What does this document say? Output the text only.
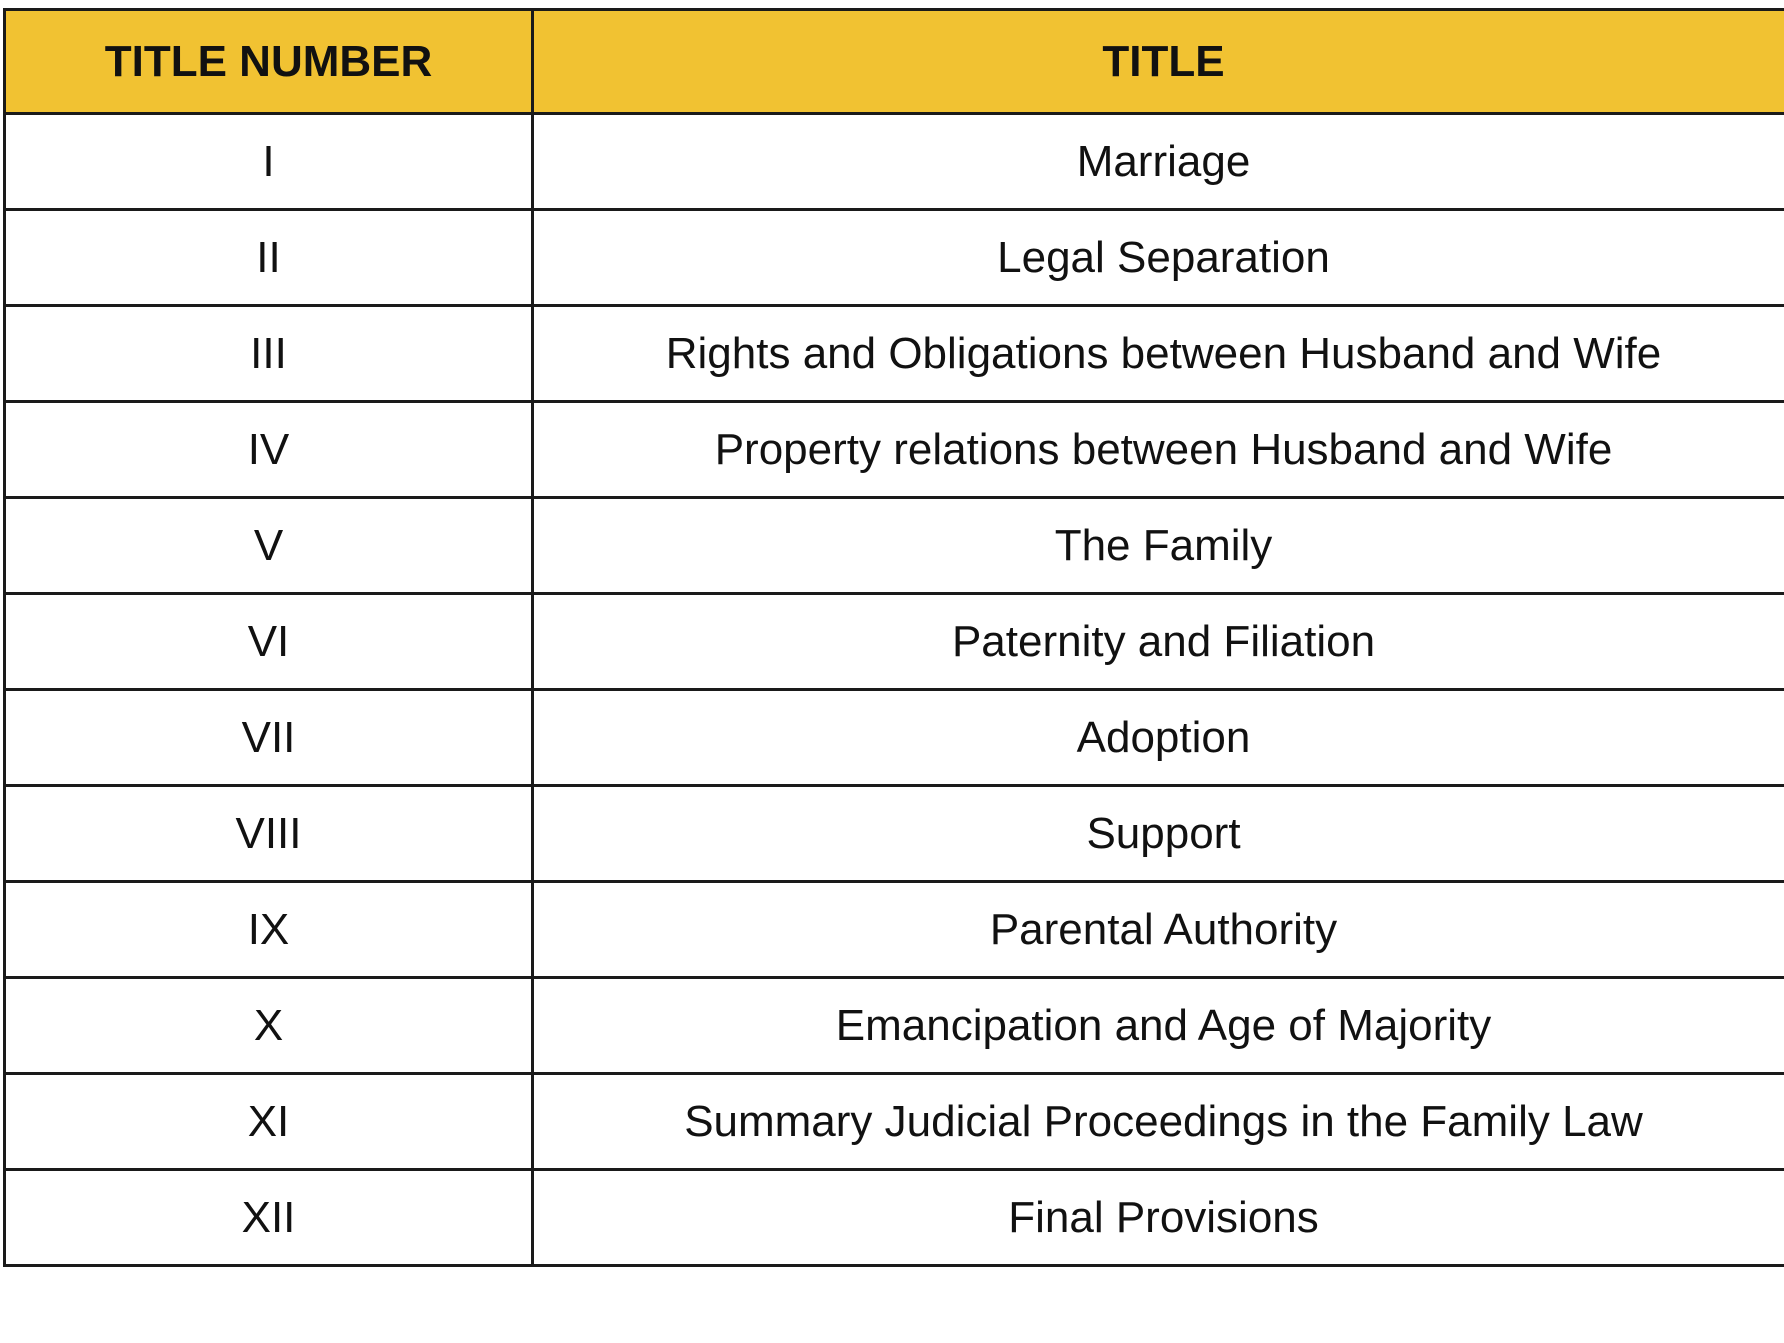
TITLE NUMBER	TITLE
I	Marriage
II	Legal Separation
III	Rights and Obligations between Husband and Wife
IV	Property relations between Husband and Wife
V	The Family
VI	Paternity and Filiation
VII	Adoption
VIII	Support
IX	Parental Authority
X	Emancipation and Age of Majority
XI	Summary Judicial Proceedings in the Family Law
XII	Final Provisions
